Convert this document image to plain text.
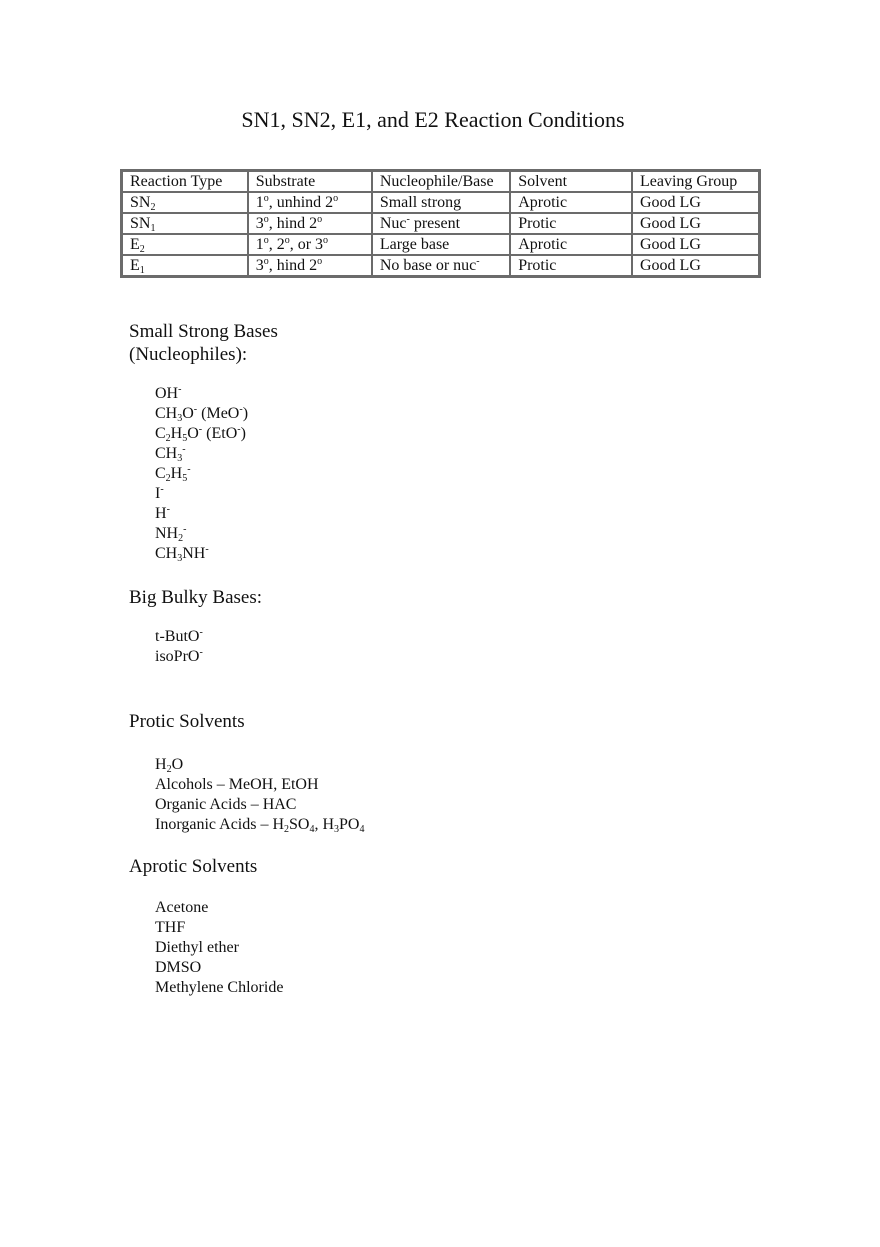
SN1, SN2, E1, and E2 Reaction Conditions
Reaction Type	Substrate	Nucleophile/Base	Solvent	Leaving Group
$SN_2$	1$^o$, unhind 2$^o$	Small strong	Aprotic	Good LG
$SN_1$	3$^o$, hind 2$^o$	Nuc- present	Protic	Good LG
$E_2$	1$^o$, 2$^o$, or 3$^o$	Large base	Aprotic	Good LG
$E_1$	3$^o$, hind 2$^o$	No base or nuc-	Protic	Good LG
Small Strong Bases
(Nucleophiles):
OH-
$CH_3O^-$ (MeO-)
$C_2H_5O^-$ (EtO-)
$CH_3^-$
$C_2H_5^-$
I-
H-
$NH_2^-$
$CH_3NH^-$
Big Bulky Bases:
t-ButO-
isoPrO-
Protic Solvents
$H_2O$
Alcohols – MeOH, EtOH
Organic Acids – HAC
Inorganic Acids – $H_2SO_4$, $H_3PO_4$
Aprotic Solvents
Acetone
THF
Diethyl ether
DMSO
Methylene Chloride
